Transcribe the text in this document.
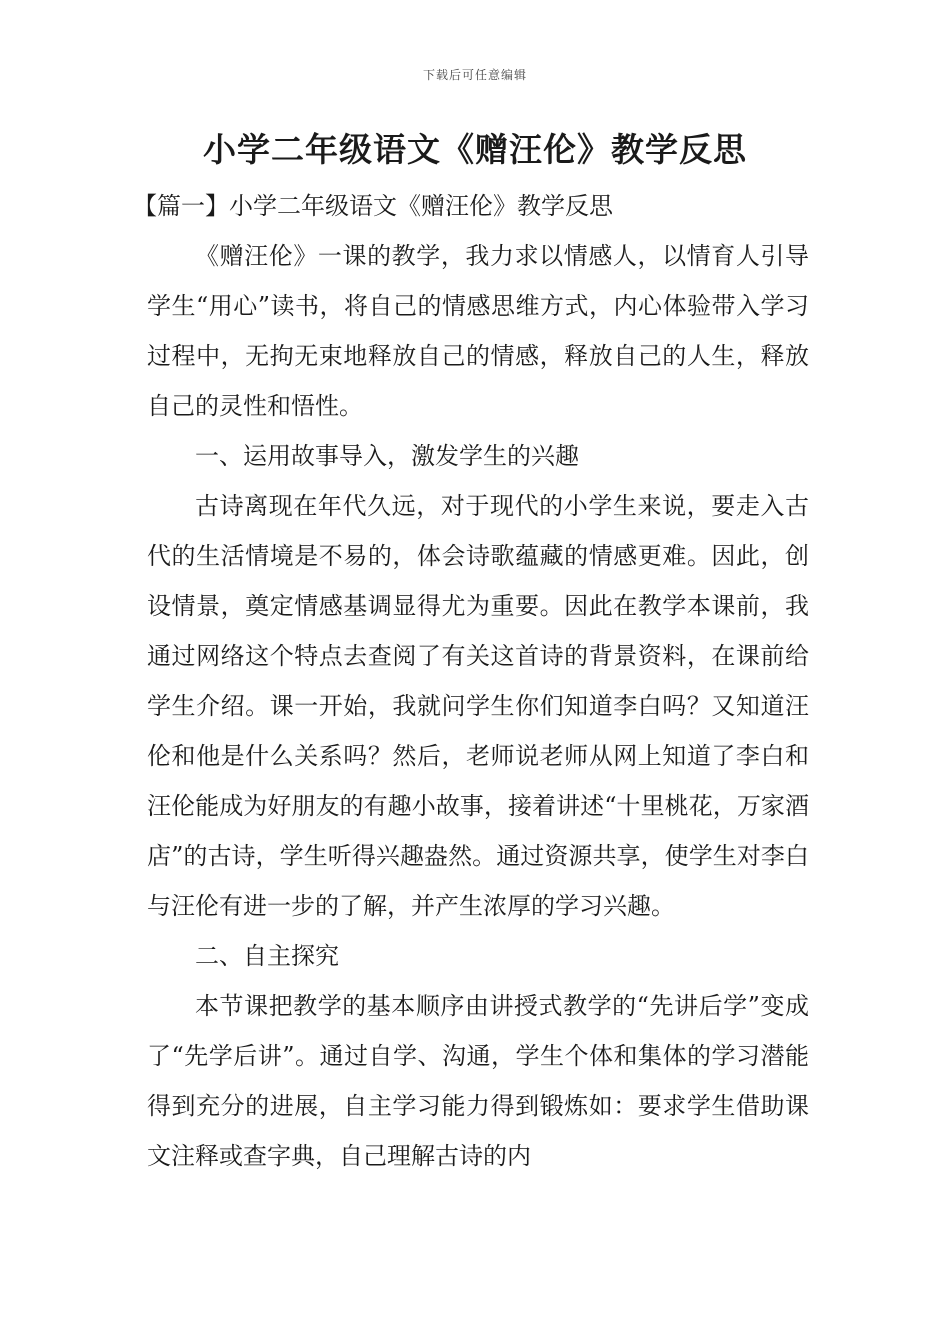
下载后可任意编辑
小学二年级语文《赠汪伦》教学反思

【篇一】小学二年级语文《赠汪伦》教学反思

《赠汪伦》一课的教学，我力求以情感人，以情育人引导学生“用心”读书，将自己的情感思维方式，内心体验带入学习过程中，无拘无束地释放自己的情感，释放自己的人生，释放自己的灵性和悟性。

一、运用故事导入，激发学生的兴趣

古诗离现在年代久远，对于现代的小学生来说，要走入古代的生活情境是不易的，体会诗歌蕴藏的情感更难。因此，创设情景，奠定情感基调显得尤为重要。因此在教学本课前，我通过网络这个特点去查阅了有关这首诗的背景资料，在课前给学生介绍。课一开始，我就问学生你们知道李白吗？又知道汪伦和他是什么关系吗？然后，老师说老师从网上知道了李白和汪伦能成为好朋友的有趣小故事，接着讲述“十里桃花，万家酒店”的古诗，学生听得兴趣盎然。通过资源共享，使学生对李白与汪伦有进一步的了解，并产生浓厚的学习兴趣。

二、自主探究

本节课把教学的基本顺序由讲授式教学的“先讲后学”变成了“先学后讲”。通过自学、沟通，学生个体和集体的学习潜能得到充分的进展，自主学习能力得到锻炼如：要求学生借助课文注释或查字典，自己理解古诗的内
